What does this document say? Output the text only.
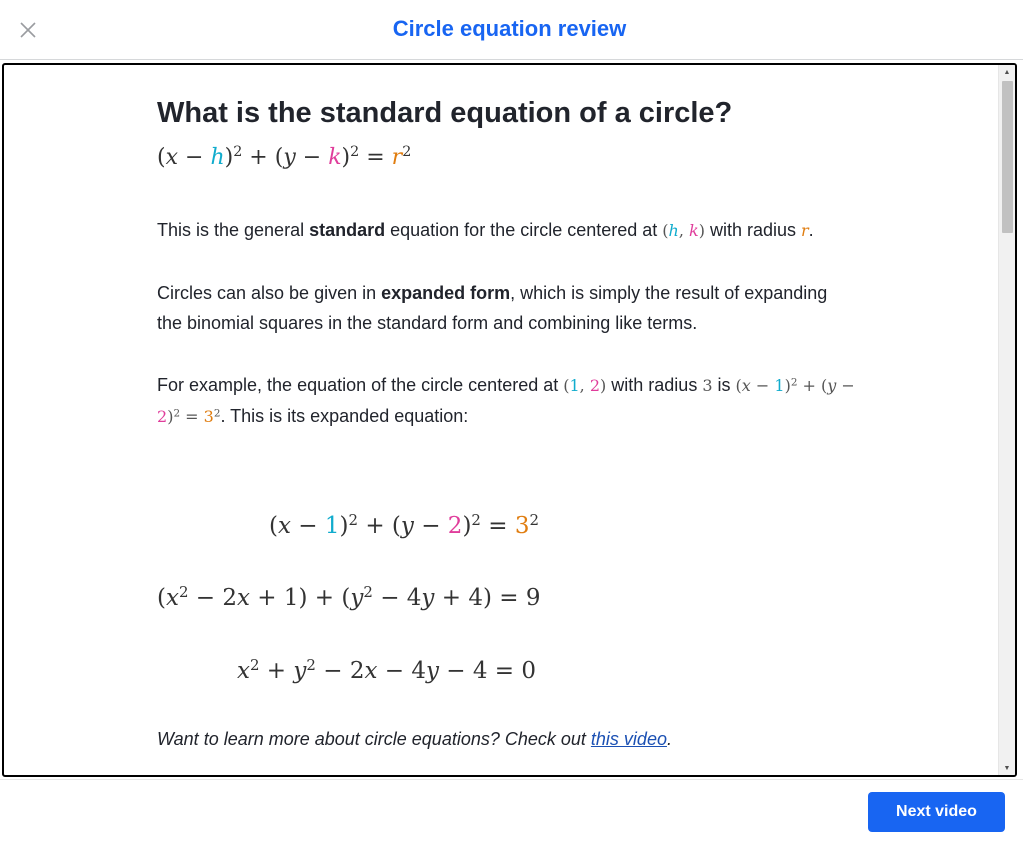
Circle equation review
What is the standard equation of a circle?
$(x - h)^2 + (y - k)^2 = r^2$

This is the general standard equation for the circle centered at (h, k) with radius r.

Circles can also be given in expanded form, which is simply the result of expanding the binomial squares in the standard form and combining like terms.

For example, the equation of the circle centered at (1, 2) with radius 3 is $(x - 1)^2 + (y - 2)^2 = 3^2$. This is its expanded equation:

$(x - 1)^2 + (y - 2)^2 = 3^2$
$(x^2 - 2x + 1) + (y^2 - 4y + 4) = 9$
$x^2 + y^2 - 2x - 4y - 4 = 0$
Want to learn more about circle equations? Check out this video.
▲
▼
Next video
